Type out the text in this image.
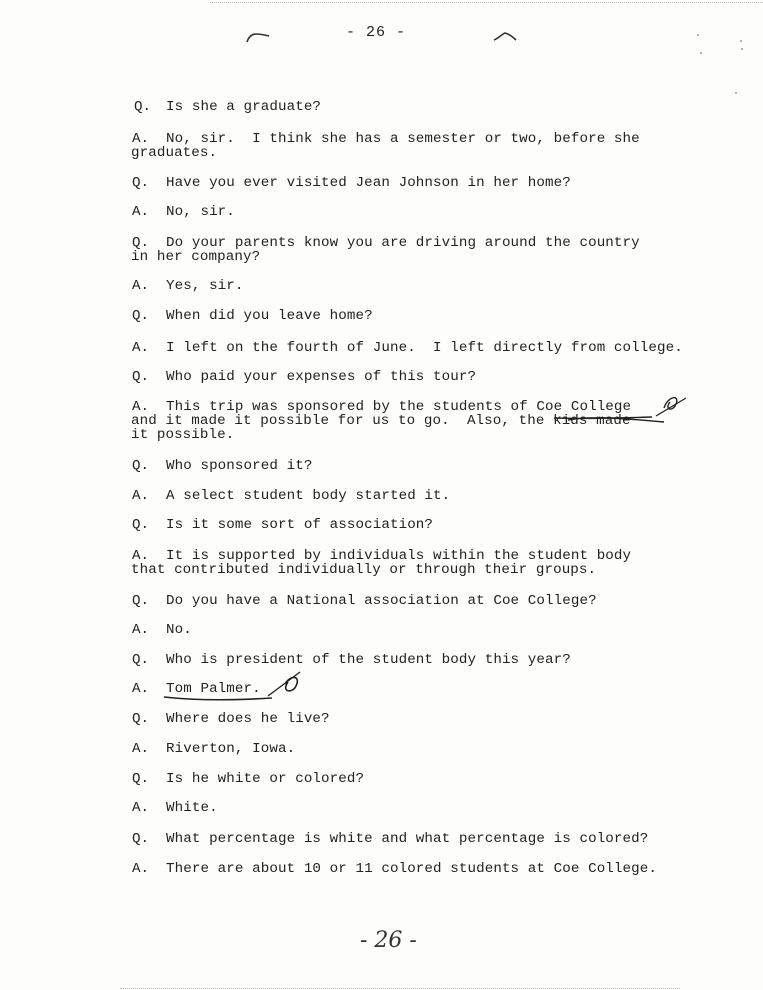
- 26 -
Q. Is she a graduate?
A. No, sir.  I think she has a semester or two, before she
graduates.
Q. Have you ever visited Jean Johnson in her home?
A. No, sir.
Q. Do your parents know you are driving around the country
in her company?
A. Yes, sir.
Q. When did you leave home?
A. I left on the fourth of June.  I left directly from college.
Q. Who paid your expenses of this tour?
A. This trip was sponsored by the students of Coe College
and it made it possible for us to go.  Also, the kids made
it possible.
Q. Who sponsored it?
A. A select student body started it.
Q. Is it some sort of association?
A. It is supported by individuals within the student body
that contributed individually or through their groups.
Q. Do you have a National association at Coe College?
A. No.
Q. Who is president of the student body this year?
A. Tom Palmer.
Q. Where does he live?
A. Riverton, Iowa.
Q. Is he white or colored?
A. White.
Q. What percentage is white and what percentage is colored?
A. There are about 10 or 11 colored students at Coe College.
- 26 -
